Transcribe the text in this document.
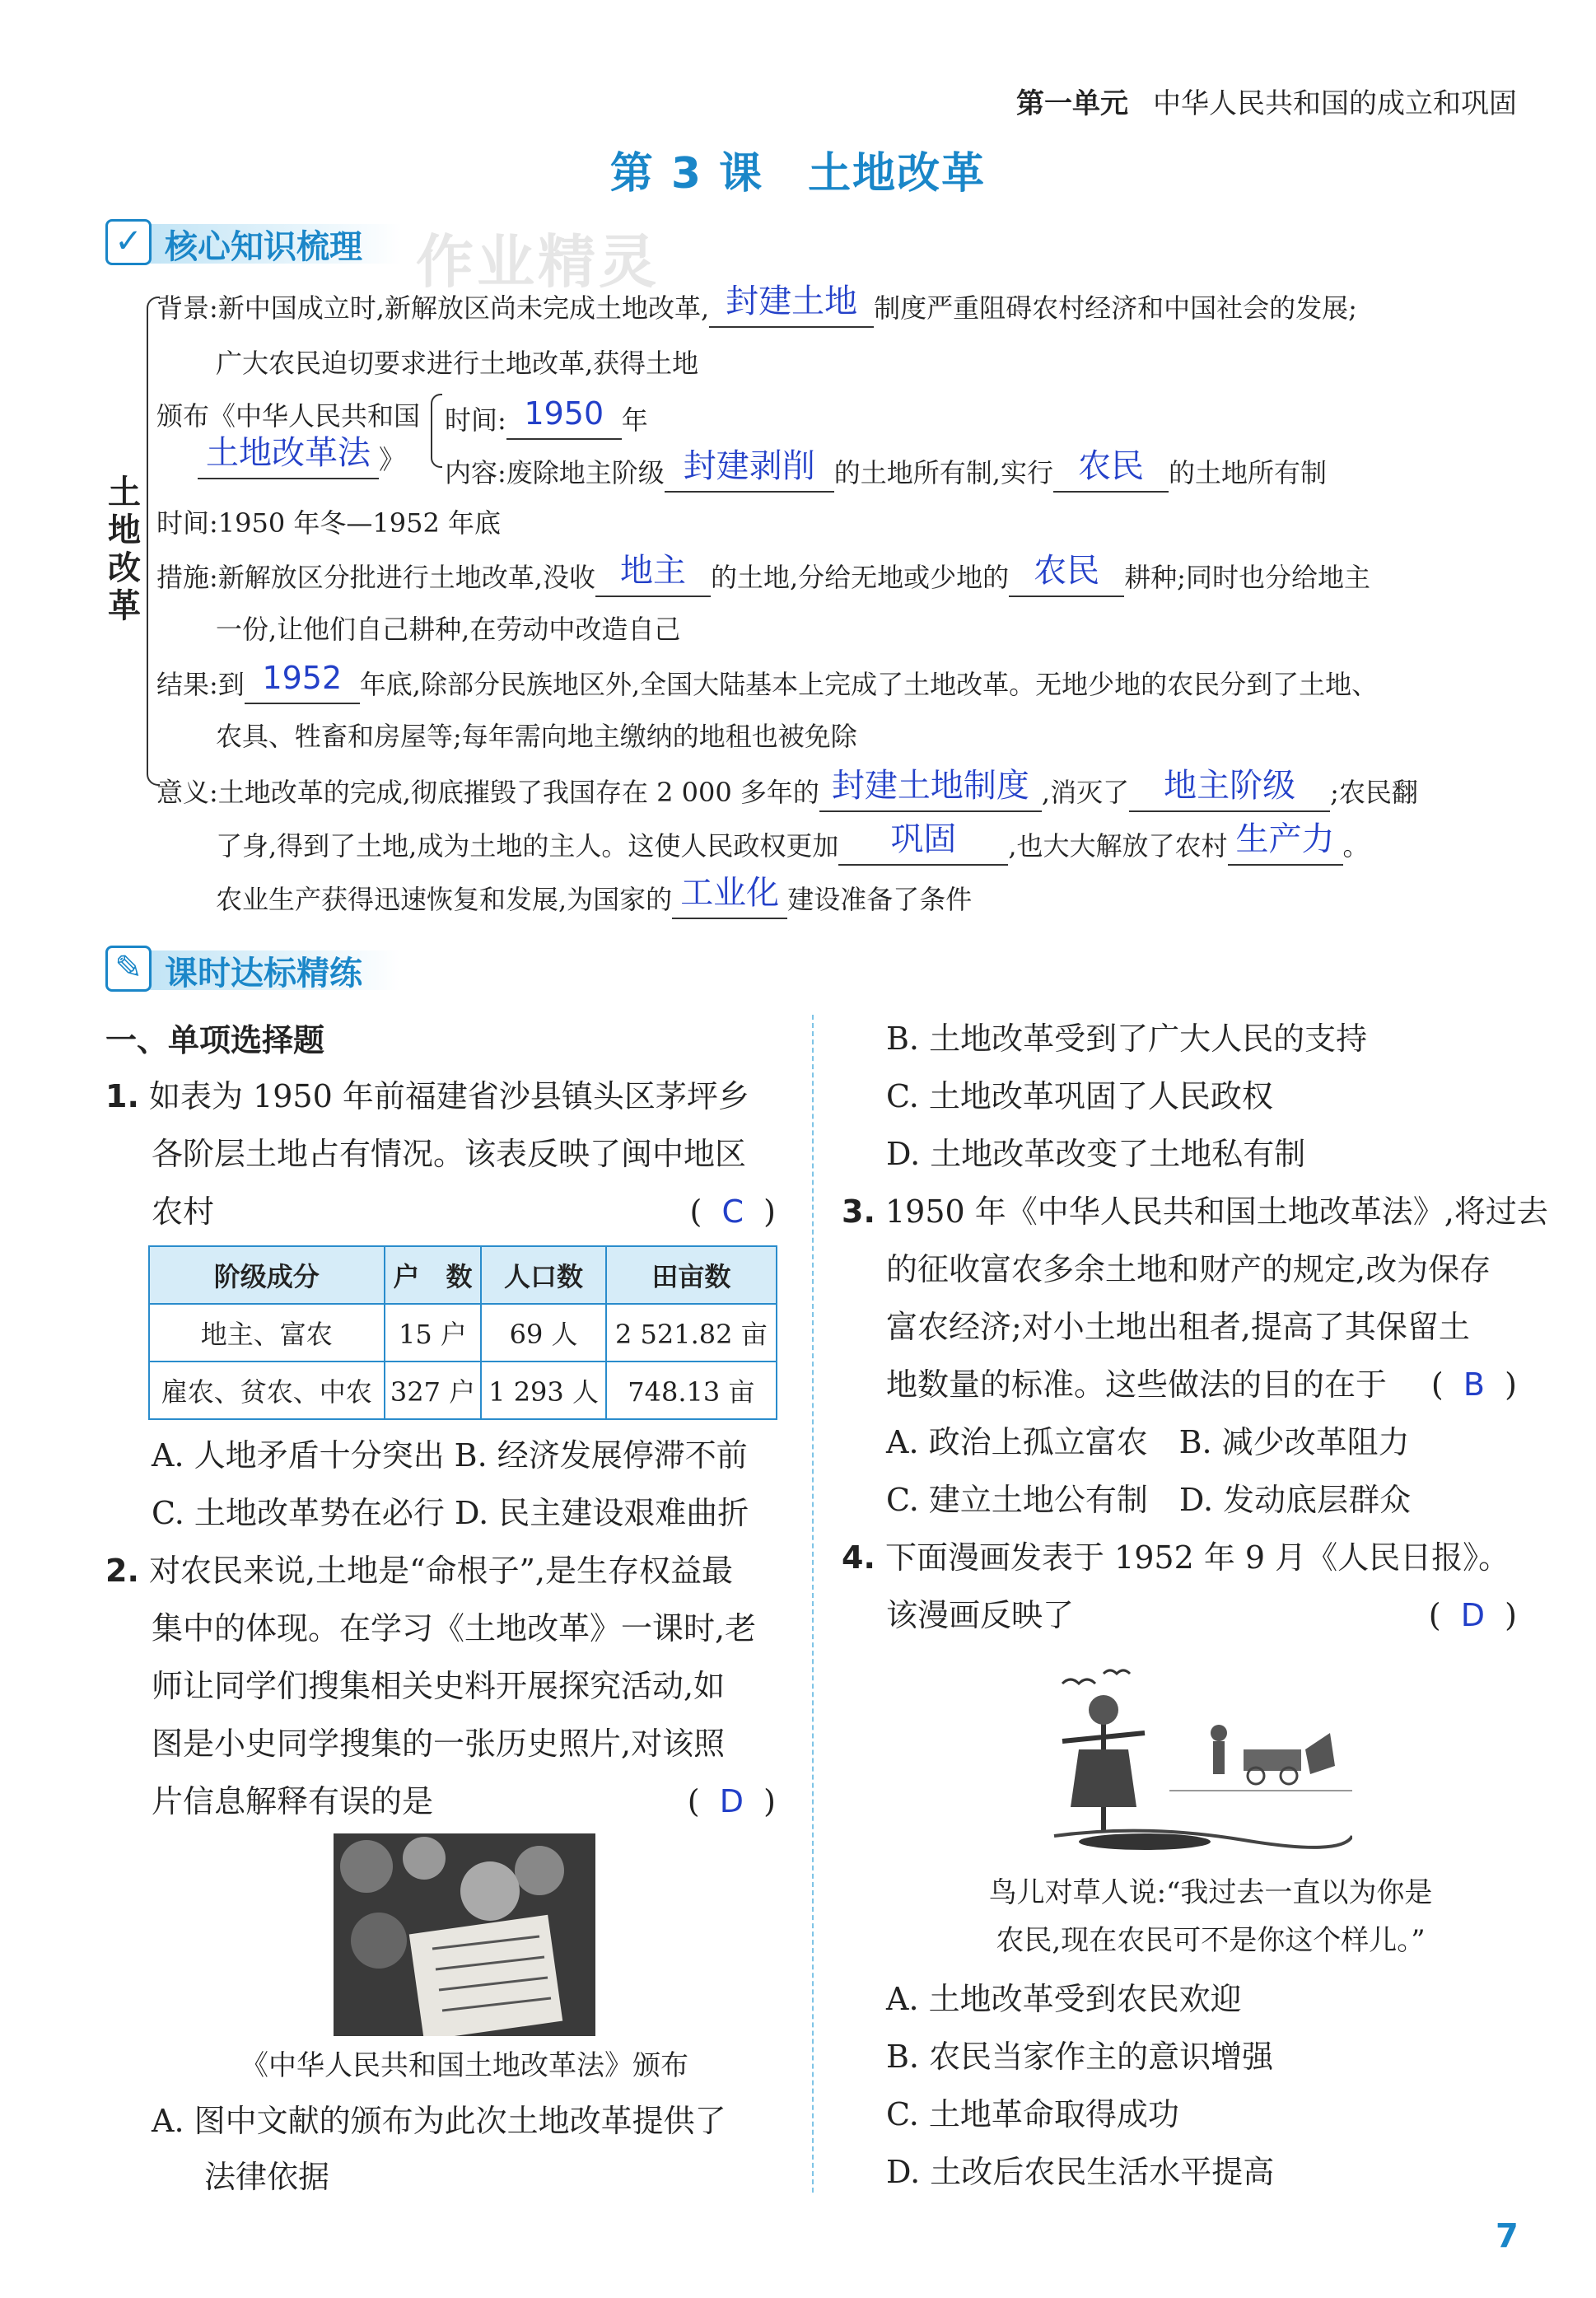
第一单元 中华人民共和国的成立和巩固
第 3 课　土地改革
✓ 核心知识梳理 作业精灵
土地改革
背景:新中国成立时,新解放区尚未完成土地改革, 封建土地 制度严重阻碍农村经济和中国社会的发展;
广大农民迫切要求进行土地改革,获得土地
颁布《中华人民共和国
土地改革法 》
时间: 1950 年
内容:废除地主阶级 封建剥削 的土地所有制,实行 农民 的土地所有制
时间:1950 年冬—1952 年底
措施:新解放区分批进行土地改革,没收 地主 的土地,分给无地或少地的 农民 耕种;同时也分给地主
一份,让他们自己耕种,在劳动中改造自己
结果:到 1952 年底,除部分民族地区外,全国大陆基本上完成了土地改革。无地少地的农民分到了土地、
农具、牲畜和房屋等;每年需向地主缴纳的地租也被免除
意义:土地改革的完成,彻底摧毁了我国存在 2 000 多年的 封建土地制度 ,消灭了 地主阶级 ;农民翻
了身,得到了土地,成为土地的主人。这使人民政权更加 巩固 ,也大大解放了农村 生产力 。
农业生产获得迅速恢复和发展,为国家的 工业化 建设准备了条件
✎ 课时达标精练
一、单项选择题
1. 如表为 1950 年前福建省沙县镇头区茅坪乡
各阶层土地占有情况。该表反映了闽中地区
农村	( C )
阶级成分	户　数	人口数	田亩数
地主、富农	15 户	69 人	2 521.82 亩
雇农、贫农、中农	327 户	1 293 人	748.13 亩
A. 人地矛盾十分突出 B. 经济发展停滞不前
C. 土地改革势在必行 D. 民主建设艰难曲折
2. 对农民来说,土地是“命根子”,是生存权益最
集中的体现。在学习《土地改革》一课时,老
师让同学们搜集相关史料开展探究活动,如
图是小史同学搜集的一张历史照片,对该照
片信息解释有误的是	( D )
《中华人民共和国土地改革法》颁布
A. 图中文献的颁布为此次土地改革提供了
法律依据
B. 土地改革受到了广大人民的支持
C. 土地改革巩固了人民政权
D. 土地改革改变了土地私有制
3. 1950 年《中华人民共和国土地改革法》,将过去
的征收富农多余土地和财产的规定,改为保存
富农经济;对小土地出租者,提高了其保留土
地数量的标准。这些做法的目的在于 ( B )
A. 政治上孤立富农　B. 减少改革阻力
C. 建立土地公有制　D. 发动底层群众
4. 下面漫画发表于 1952 年 9 月《人民日报》。
该漫画反映了	( D )
鸟儿对草人说:“我过去一直以为你是
农民,现在农民可不是你这个样儿。”
A. 土地改革受到农民欢迎
B. 农民当家作主的意识增强
C. 土地革命取得成功
D. 土改后农民生活水平提高
7
